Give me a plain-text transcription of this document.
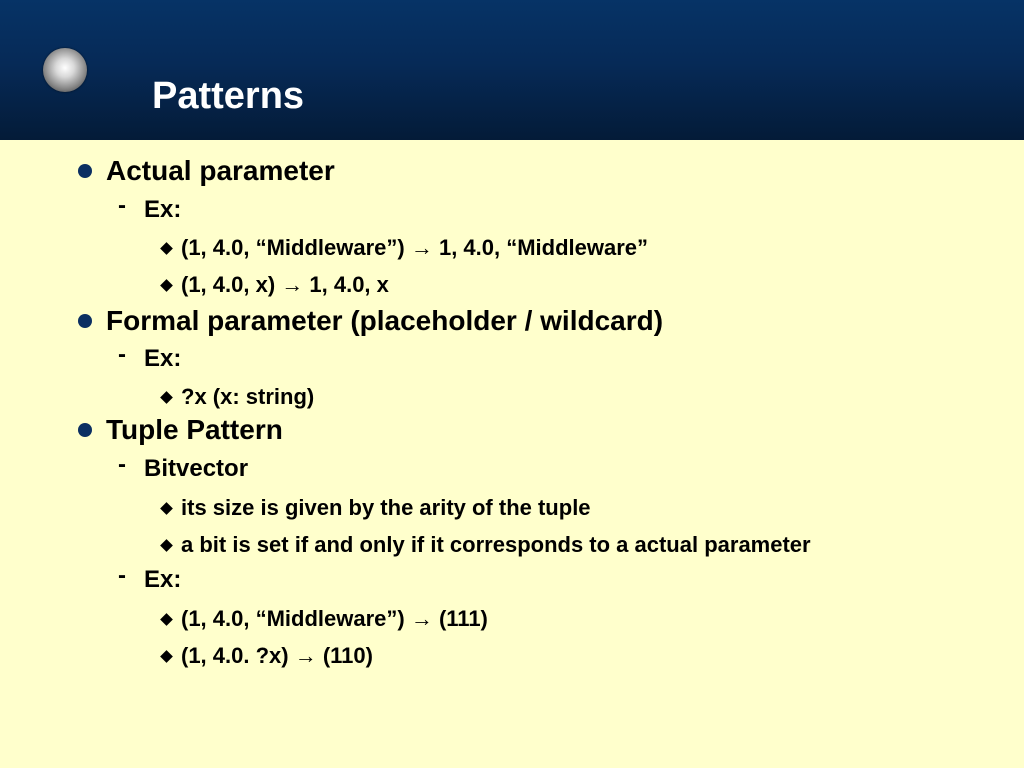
Patterns
Actual parameter
- Ex:
(1, 4.0, “Middleware”) → 1, 4.0, “Middleware”
(1, 4.0, x) → 1, 4.0, x
Formal parameter (placeholder / wildcard)
- Ex:
?x (x: string)
Tuple Pattern
- Bitvector
its size is given by the arity of the tuple
a bit is set if and only if it corresponds to a actual parameter
- Ex:
(1, 4.0, “Middleware”) → (111)
(1, 4.0. ?x) → (110)
